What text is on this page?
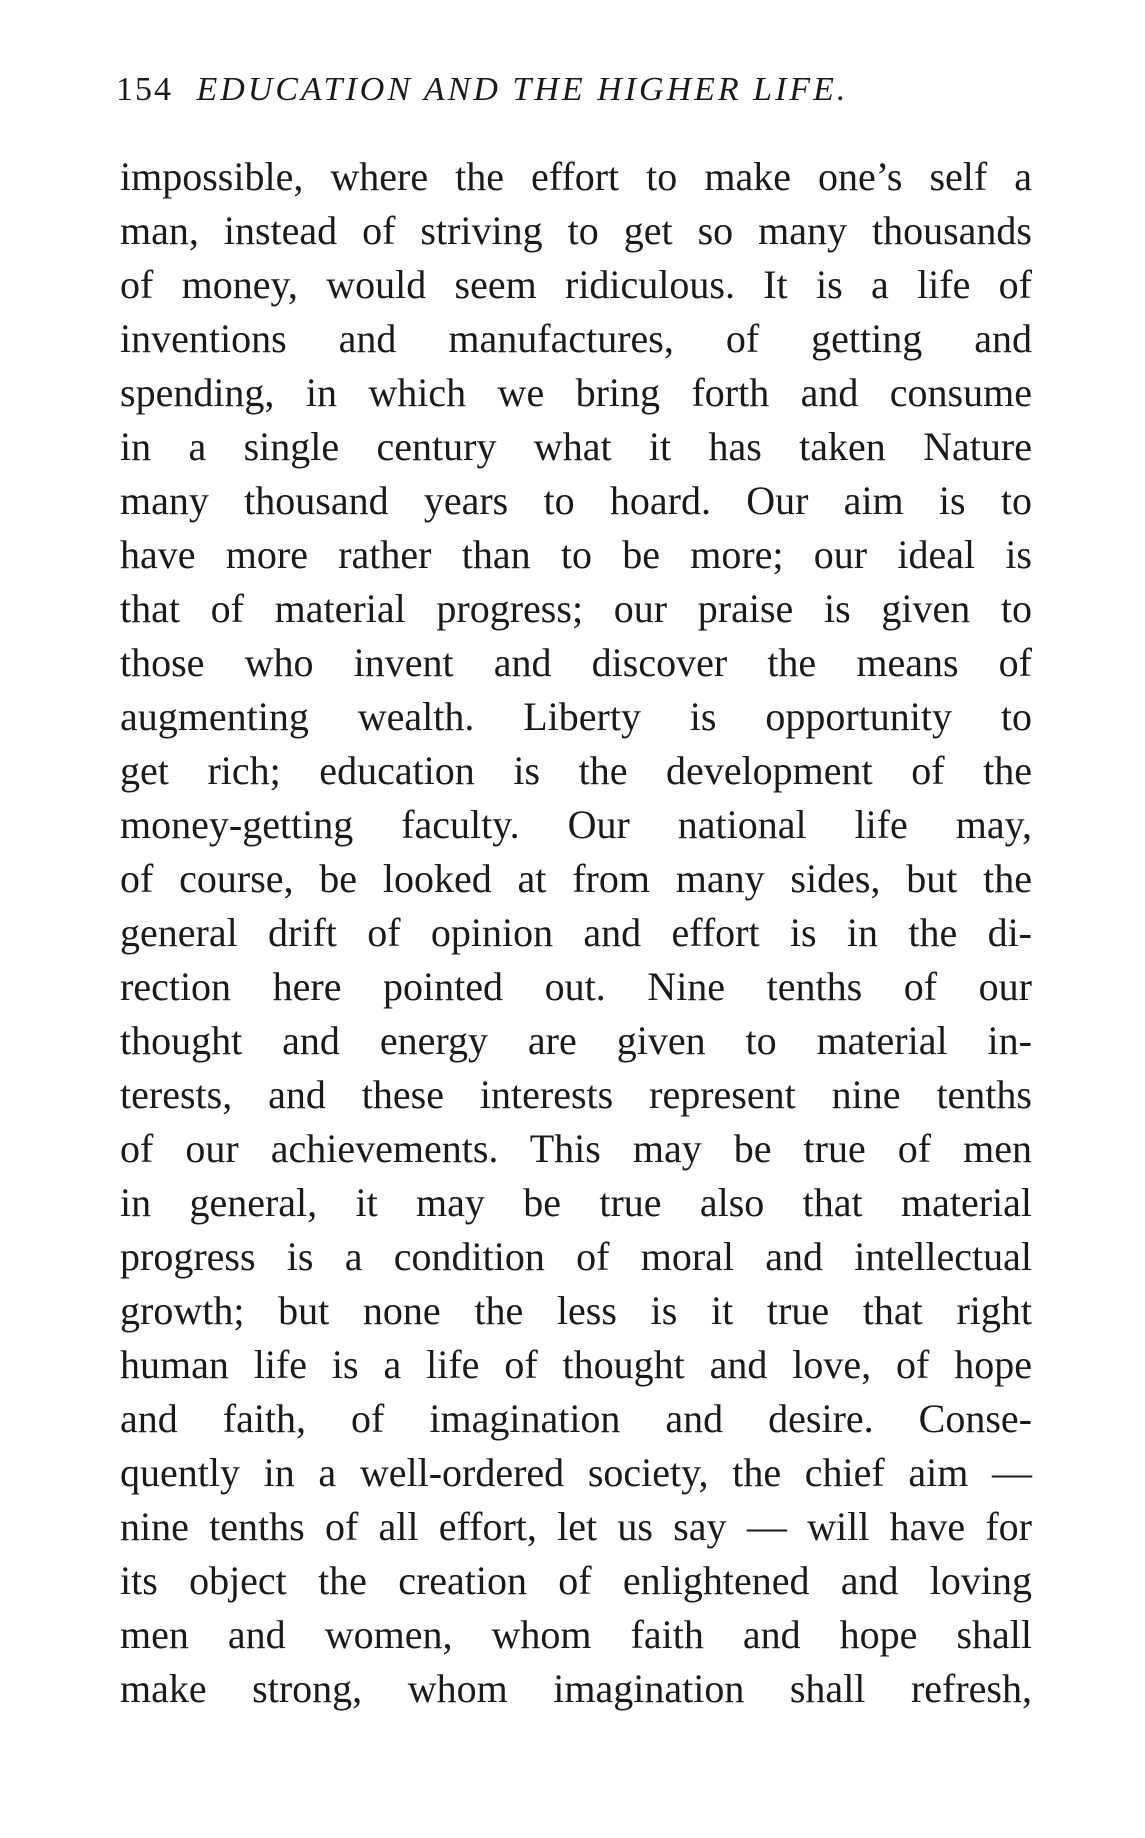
154 EDUCATION AND THE HIGHER LIFE.
impossible, where the effort to make one’s self a
man, instead of striving to get so many thousands
of money, would seem ridiculous. It is a life of
inventions and manufactures, of getting and
spending, in which we bring forth and consume
in a single century what it has taken Nature
many thousand years to hoard. Our aim is to
have more rather than to be more; our ideal is
that of material progress; our praise is given to
those who invent and discover the means of
augmenting wealth. Liberty is opportunity to
get rich; education is the development of the
money-getting faculty. Our national life may,
of course, be looked at from many sides, but the
general drift of opinion and effort is in the di-
rection here pointed out. Nine tenths of our
thought and energy are given to material in-
terests, and these interests represent nine tenths
of our achievements. This may be true of men
in general, it may be true also that material
progress is a condition of moral and intellectual
growth; but none the less is it true that right
human life is a life of thought and love, of hope
and faith, of imagination and desire. Conse-
quently in a well-ordered society, the chief aim —
nine tenths of all effort, let us say — will have for
its object the creation of enlightened and loving
men and women, whom faith and hope shall
make strong, whom imagination shall refresh,
